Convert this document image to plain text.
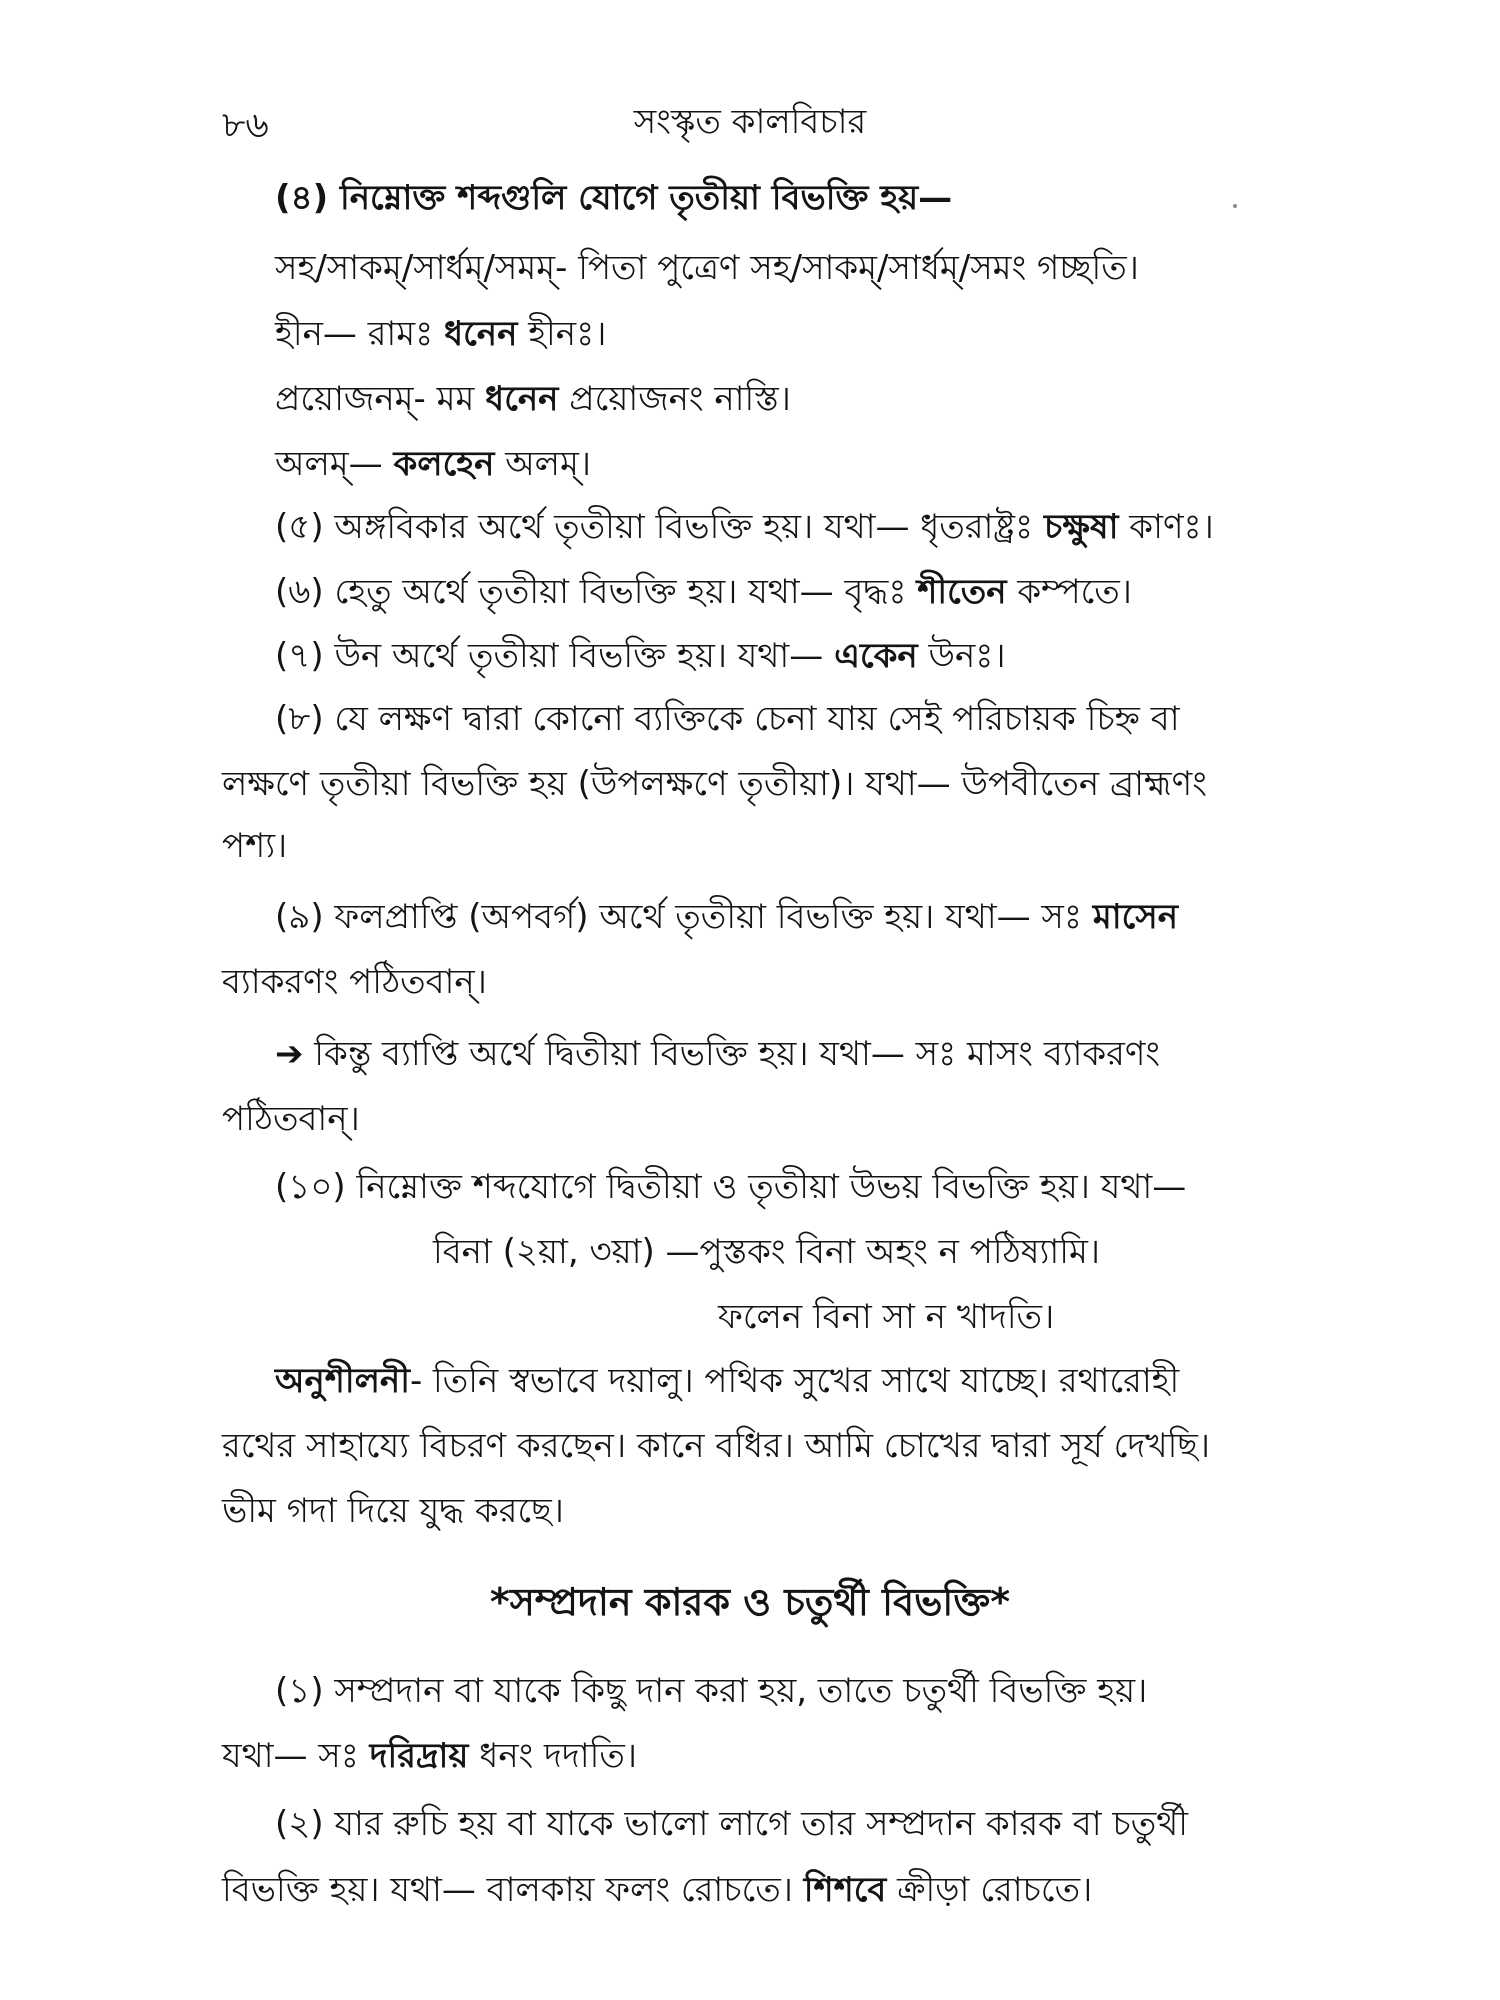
৮৬	সংস্কৃত কালবিচার
(৪) নিম্নোক্ত শব্দগুলি যোগে তৃতীয়া বিভক্তি হয়—
সহ/সাকম্/সার্ধম্/সমম্- পিতা পুত্রেণ সহ/সাকম্/সার্ধম্/সমং গচ্ছতি।
হীন— রামঃ ধনেন হীনঃ।
প্রয়োজনম্- মম ধনেন প্রয়োজনং নাস্তি।
অলম্— কলহেন অলম্।
(৫) অঙ্গবিকার অর্থে তৃতীয়া বিভক্তি হয়। যথা— ধৃতরাষ্ট্রঃ চক্ষুষা কাণঃ।
(৬) হেতু অর্থে তৃতীয়া বিভক্তি হয়। যথা— বৃদ্ধঃ শীতেন কম্পতে।
(৭) উন অর্থে তৃতীয়া বিভক্তি হয়। যথা— একেন উনঃ।
(৮) যে লক্ষণ দ্বারা কোনো ব্যক্তিকে চেনা যায় সেই পরিচায়ক চিহ্ন বা
লক্ষণে তৃতীয়া বিভক্তি হয় (উপলক্ষণে তৃতীয়া)। যথা— উপবীতেন ব্রাহ্মণং
পশ্য।
(৯) ফলপ্রাপ্তি (অপবর্গ) অর্থে তৃতীয়া বিভক্তি হয়। যথা— সঃ মাসেন
ব্যাকরণং পঠিতবান্।
➔ কিন্তু ব্যাপ্তি অর্থে দ্বিতীয়া বিভক্তি হয়। যথা— সঃ মাসং ব্যাকরণং
পঠিতবান্।
(১০) নিম্নোক্ত শব্দযোগে দ্বিতীয়া ও তৃতীয়া উভয় বিভক্তি হয়। যথা—
বিনা (২য়া, ৩য়া) —পুস্তকং বিনা অহং ন পঠিষ্যামি।
ফলেন বিনা সা ন খাদতি।
অনুশীলনী- তিনি স্বভাবে দয়ালু। পথিক সুখের সাথে যাচ্ছে। রথারোহী
রথের সাহায্যে বিচরণ করছেন। কানে বধির। আমি চোখের দ্বারা সূর্য দেখছি।
ভীম গদা দিয়ে যুদ্ধ করছে।
*সম্প্রদান কারক ও চতুর্থী বিভক্তি*
(১) সম্প্রদান বা যাকে কিছু দান করা হয়, তাতে চতুর্থী বিভক্তি হয়।
যথা— সঃ দরিদ্রায় ধনং দদাতি।
(২) যার রুচি হয় বা যাকে ভালো লাগে তার সম্প্রদান কারক বা চতুর্থী
বিভক্তি হয়। যথা— বালকায় ফলং রোচতে। শিশবে ক্রীড়া রোচতে।
